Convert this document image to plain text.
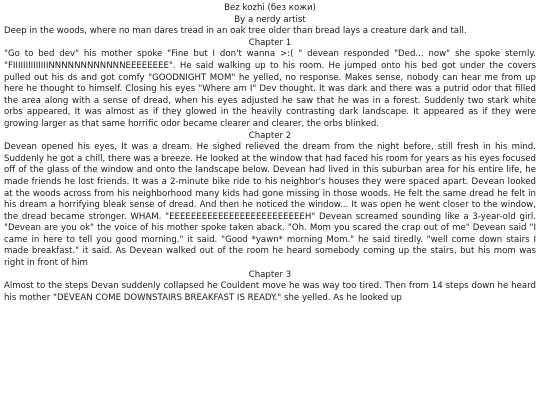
Bez kozhi (без кожи)
By a nerdy artist

Deep in the woods, where no man dares tread in an oak tree older than bread lays a creature dark and tall.

Chapter 1

"Go to bed dev" his mother spoke "Fine but I don't wanna >:( " devean responded "Ded... now" she spoke sternly. "FIIIIIIIIIIIIIINNNNNNNNNNNNEEEEEEEE". He said walking up to his room. He jumped onto his bed got under the covers pulled out his ds and got comfy "GOODNIGHT MOM" he yelled, no response. Makes sense, nobody can hear me from up here he thought to himself. Closing his eyes "Where am I" Dev thought. It was dark and there was a putrid odor that filled the area along with a sense of dread, when his eyes adjusted he saw that he was in a forest. Suddenly two stark white orbs appeared, It was almost as if they glowed in the heavily contrasting dark landscape. It appeared as if they were growing larger as that same horrific odor became clearer and clearer, the orbs blinked.

Chapter 2

Devean opened his eyes, It was a dream. He sighed relieved the dream from the night before, still fresh in his mind. Suddenly he got a chill, there was a breeze. He looked at the window that had faced his room for years as his eyes focused off of the glass of the window and onto the landscape below. Devean had lived in this suburban area for his entire life, he made friends he lost friends. It was a 2-minute bike ride to his neighbor's houses they were spaced apart. Devean looked at the woods across from his neighborhood many kids had gone missing in those woods. He felt the same dread he felt in his dream a horrifying bleak sense of dread. And then he noticed the window... It was open he went closer to the window, the dread became stronger. WHAM. "EEEEEEEEEEEEEEEEEEEEEEEEEH" Devean screamed sounding like a 3-year-old girl. "Devean are you ok" the voice of his mother spoke taken aback. "Oh. Mom you scared the crap out of me" Devean said "I came in here to tell you good morning." it said. "Good *yawn* morning Mom." he said tiredly. "well come down stairs I made breakfast." it said. As Devean walked out of the room he heard somebody coming up the stairs, but his mom was right in front of him

Chapter 3

Almost to the steps Devan suddenly collapsed he Couldent move he was way too tired. Then from 14 steps down he heard his mother "DEVEAN COME DOWNSTAIRS BREAKFAST IS READY." she yelled. As he looked up
